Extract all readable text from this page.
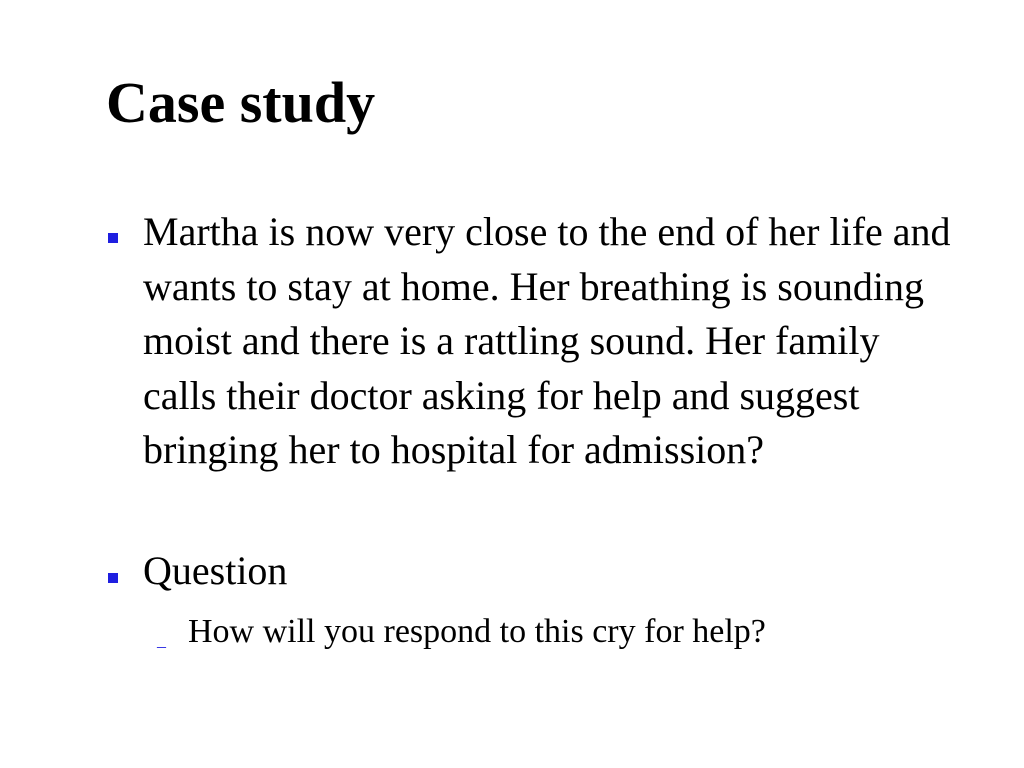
Case study
Martha is now very close to the end of her life and wants to stay at home. Her breathing is sounding moist and there is a rattling sound. Her family calls their doctor asking for help and suggest bringing her to hospital for admission?
Question
– How will you respond to this cry for help?
